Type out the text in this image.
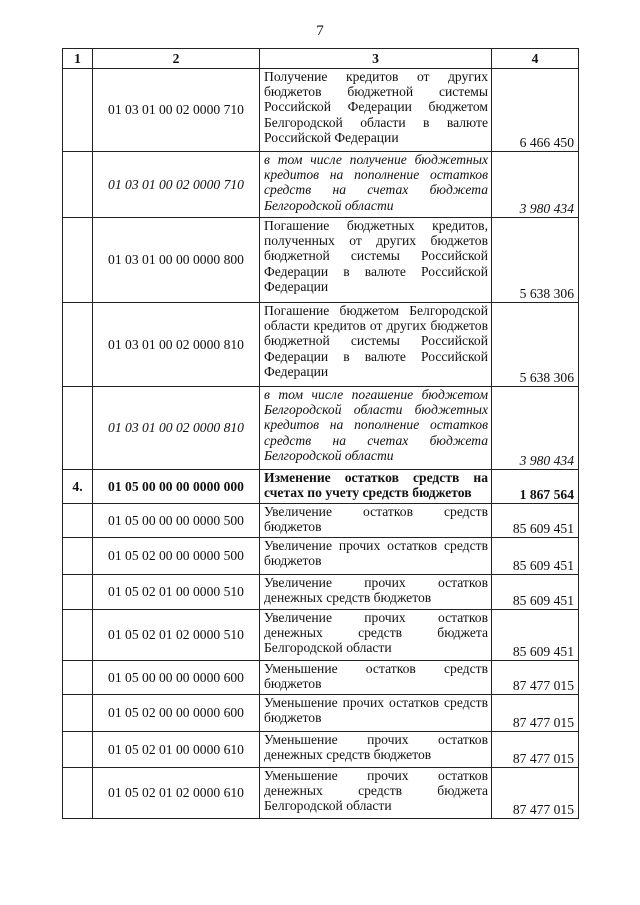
7
1	2	3	4
	01 03 01 00 02 0000 710	Получение кредитов от других бюджетов бюджетной системы Российской Федерации бюджетом Белгородской области в валюте Российской Федерации	6 466 450
	01 03 01 00 02 0000 710	в том числе получение бюджетных кредитов на пополнение остатков средств на счетах бюджета Белгородской области	3 980 434
	01 03 01 00 00 0000 800	Погашение бюджетных кредитов, полученных от других бюджетов бюджетной системы Российской Федерации в валюте Российской Федерации	5 638 306
	01 03 01 00 02 0000 810	Погашение бюджетом Белгородской области кредитов от других бюджетов бюджетной системы Российской Федерации в валюте Российской Федерации	5 638 306
	01 03 01 00 02 0000 810	в том числе погашение бюджетом Белгородской области бюджетных кредитов на пополнение остатков средств на счетах бюджета Белгородской области	3 980 434
4.	01 05 00 00 00 0000 000	Изменение остатков средств на счетах по учету средств бюджетов	1 867 564
	01 05 00 00 00 0000 500	Увеличение остатков средств бюджетов	85 609 451
	01 05 02 00 00 0000 500	Увеличение прочих остатков средств бюджетов	85 609 451
	01 05 02 01 00 0000 510	Увеличение прочих остатков денежных средств бюджетов	85 609 451
	01 05 02 01 02 0000 510	Увеличение прочих остатков денежных средств бюджета Белгородской области	85 609 451
	01 05 00 00 00 0000 600	Уменьшение остатков средств бюджетов	87 477 015
	01 05 02 00 00 0000 600	Уменьшение прочих остатков средств бюджетов	87 477 015
	01 05 02 01 00 0000 610	Уменьшение прочих остатков денежных средств бюджетов	87 477 015
	01 05 02 01 02 0000 610	Уменьшение прочих остатков денежных средств бюджета Белгородской области	87 477 015
